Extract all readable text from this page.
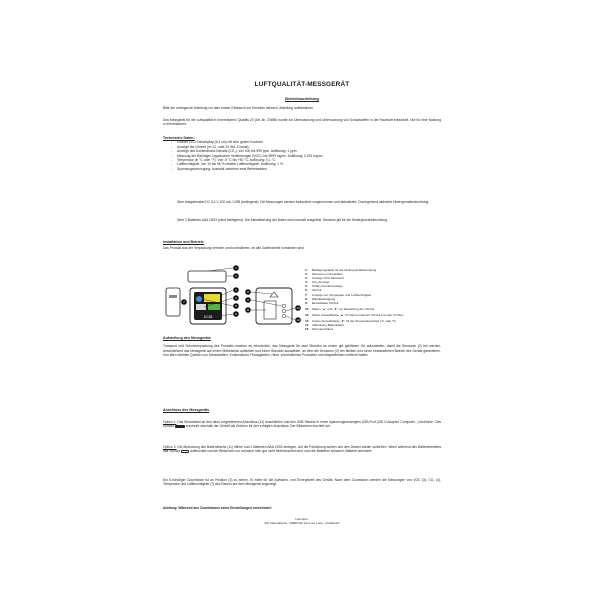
LUFTQUALITÄT-MESSGERÄT
Betriebsanleitung
Bitte die vorliegende Anleitung vor dem ersten Gebrauch zur Kenntnis nehmen. Anleitung aufbewahren.
Das Messgerät für die Luftqualität in Innenräumen Qualitis 20 (Art.-Nr. 23656) wurde zur Überwachung und Untersuchung von Schadstoffen in der Raumluft entwickelt. Nur für eine Nutzung in Innenräumen.
Technische Daten:
- Großes LCD-Farbdisplay (6,4 cm) mit sehr gutem Kontrast.
- Anzeige der Uhrzeit (im 12- oder 24 Std.-Format).
- Anzeige des Kohlendioxid-Gehalts (CO₂): von 400 bis 999 ppm. Auflösung: 1 ppm.
- Messung der flüchtigen organischen Verbindungen (VOC): bis 9999 mg/m³. Auflösung: 0,001 mg/m³.
- Temperatur (in °C oder °F): Von -9 °C bis +50 °C. Auflösung: 0,1 °C.
- Luftfeuchtigkeit: von 10 bis 95 % relative Luftfeuchtigkeit. Auflösung: 1 %.
- Spannungsversorgung: Auswahl zwischen zwei Betriebsarten.
Über Adapterkabel DC 5,0 V 100 mA / USB (beiliegend): Die Messungen werden fortlaufend vorgenommen und aktualisiert. Durchgehend aktivierte Hintergrundbeleuchtung.
Über 2 Batterien AAA LR03 (nicht beiliegend): Die Aktualisierung der Daten wird manuell ausgelöst. Gleiches gilt für die Hintergrundbeleuchtung.
Installation und Betrieb:
Das Produkt aus der Verpackung nehmen und kontrollieren, ob alle Zubehörteile vorhanden sind.
10:28
1
2
3
4
5
6
7
8
9
10
11
12
1:
	Betätigungstaste für die Hintergrundbeleuchtung
2:
	Sensoren und Gebläse
3:
	Anzeige VOC-Messwert
4:
	CO₂-Anzeige
5:
	Smiley Komfortanzeige
6:
	Uhrzeit
7:
	Anzeige von Temperatur und Luftfeuchtigkeit
8:
	Wandbefestigung
9:
	Einstelltaste Uhrzeit
10:
Tasten „▲“ und „▼“ zur Einstellung der Uhrzeit
10:
Obere Auswahltaste „▲“ für das Format der Uhrzeit (12 oder 24 Std.)
10:
Untere Auswahltaste „▼“ für die Temperatureinheit (°C oder °F)
11:
Abdeckung Batteriefach
12:
Stromanschluss
Aufstellung des Messgeräts
Transport und Schutzverpackung des Produkts machen es erforderlich, das Messgerät für zwei Stunden an einem gut gelüfteten Ort aufzustellen, damit die Sensoren (2) frei werden. Anschließend das Messgerät auf einem Möbelstück aufstellen und einen Standort auswählen, an dem die Sensoren (2) frei bleiben und einen einwandfreien Betrieb des Geräts garantieren. Von allen direkten Quellen von Schadstoffen, Kohlendioxid, Flüssigkeiten, Hitze, entzündlichen Produkten und Magnetfeldern entfernt halten.
Anschluss des Messgeräts
Option 1: Das Stromkabel an den dazu vorgesehenen Anschluss (12) anschließen und den USB-Stecker in einen spannungsversorgten USB-Port (230 V-Adapter, Computer...) einführen. Das Symbol	erscheint oberhalb der Uhrzeit als Zeichen für den erfolgten Anschluss. Der Bildschirm leuchtet auf.
Option 2: Die Abdeckung des Batteriefachs (11) öffnen und 2 Batterien AAA LR03 einlegen. Auf die Polrichtung achten und den Deckel wieder schließen. Wenn während des Batteriebetriebs das Symbol	aufleuchtet und der Bildschirm nur schwach oder gar nicht hinterleuchtet wird, sind die Batterien schwach: Batterie wechseln.
Ein 5-minütiger Countdown ist an Position (3) zu sehen. Er steht für die Aufwärm- und Einregelzeit des Geräts. Nach dem Countdown werden die Messungen von VOC (3), CO₂ (4), Temperatur und Luftfeuchtigkeit (7) des Raums auf dem Messgerät angezeigt.
Achtung: Während des Countdowns keine Einstellungen vornehmen!
Importeur:
AIC International - 44980 Ste Luce sur Loire - Frankreich
